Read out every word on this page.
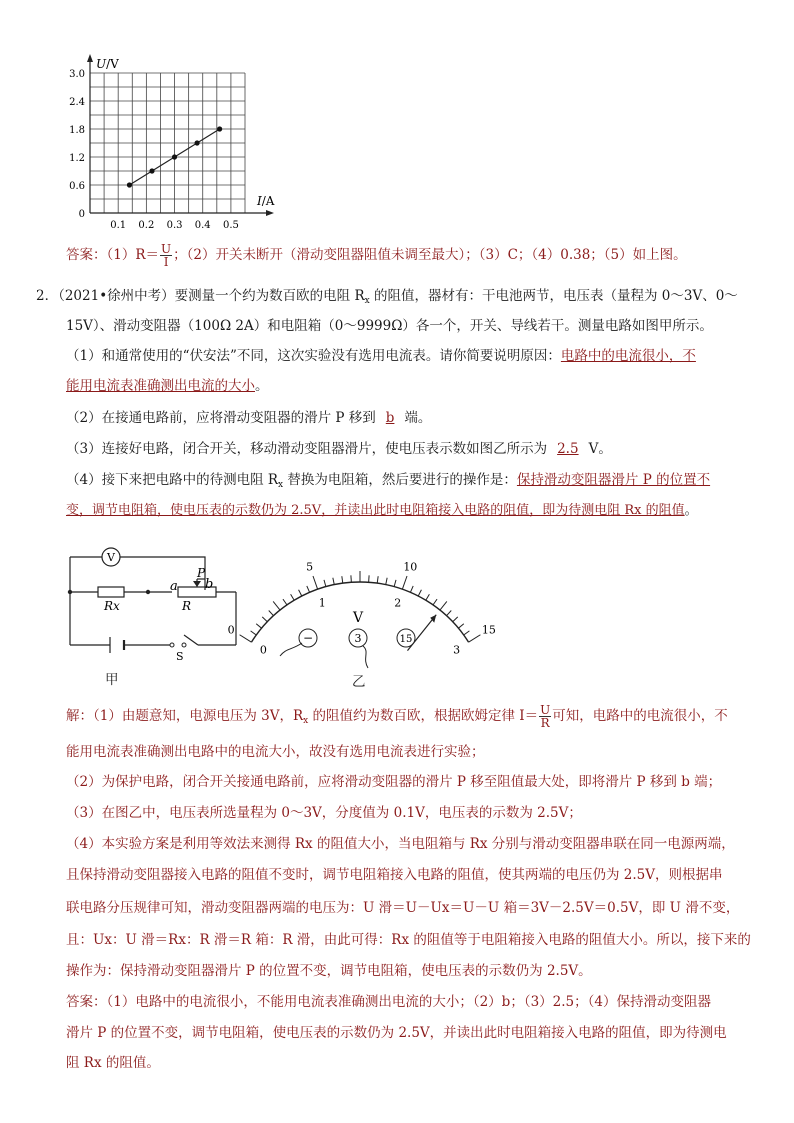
0
0.6
1.2
1.8
2.4
3.0
0.1 0.2 0.3 0.4 0.5
U/V
I/A
答案：$(1)R= \frac{U}{I}$ ；（2）开关未断开（滑动变阻器阻值未调至最大）；（3）C；（4）0.38；（5）如上图。
2．（2021•徐州中考）要测量一个约为数百欧的电阻 $R_x$ 的阻值，器材有：干电池两节，电压表（量程为 0～3V、0～
15V）、滑动变阻器（100Ω 2A）和电阻箱（0～9999Ω）各一个，开关、导线若干。测量电路如图甲所示。
（1）和通常使用的“伏安法”不同，这次实验没有选用电流表。请你简要说明原因：电路中的电流很小，不
能用电流表准确测出电流的大小。
（2）在接通电路前，应将滑动变阻器的滑片 P 移到 b 端。
（3）连接好电路，闭合开关，移动滑动变阻器滑片，使电压表示数如图乙所示为 2.5 V。
（4）接下来把电路中的待测电阻 $R_x$ 替换为电阻箱，然后要进行的操作是：保持滑动变阻器滑片 P 的位置不
变，调节电阻箱，使电压表的示数仍为 2.5V，并读出此时电阻箱接入电路的阻值，即为待测电阻 Rx 的阻值。
V
Rx	R
a
P
b
S
甲
0
5	10
15
0
1	2
3
V
−	3	15
乙
解：（1）由题意知，电源电压为 3V，$R_x$ 的阻值约为数百欧，根据欧姆定律 $I= \frac{U}{R}$ 可知，电路中的电流很小，不
能用电流表准确测出电路中的电流大小，故没有选用电流表进行实验；
（2）为保护电路，闭合开关接通电路前，应将滑动变阻器的滑片 P 移至阻值最大处，即将滑片 P 移到 b 端；
（3）在图乙中，电压表所选量程为 0～3V，分度值为 0.1V，电压表的示数为 2.5V；
（4）本实验方案是利用等效法来测得 Rx 的阻值大小，当电阻箱与 Rx 分别与滑动变阻器串联在同一电源两端，
且保持滑动变阻器接入电路的阻值不变时，调节电阻箱接入电路的阻值，使其两端的电压仍为 2.5V，则根据串
联电路分压规律可知，滑动变阻器两端的电压为：U 滑＝U－Ux＝U－U 箱＝3V－2.5V＝0.5V，即 U 滑不变，
且：Ux：U 滑＝Rx：R 滑＝R 箱：R 滑，由此可得：Rx 的阻值等于电阻箱接入电路的阻值大小。所以，接下来的
操作为：保持滑动变阻器滑片 P 的位置不变，调节电阻箱，使电压表的示数仍为 2.5V。
答案：（1）电路中的电流很小，不能用电流表准确测出电流的大小；（2）b；（3）2.5；（4）保持滑动变阻器
滑片 P 的位置不变，调节电阻箱，使电压表的示数仍为 2.5V，并读出此时电阻箱接入电路的阻值，即为待测电
阻 Rx 的阻值。
